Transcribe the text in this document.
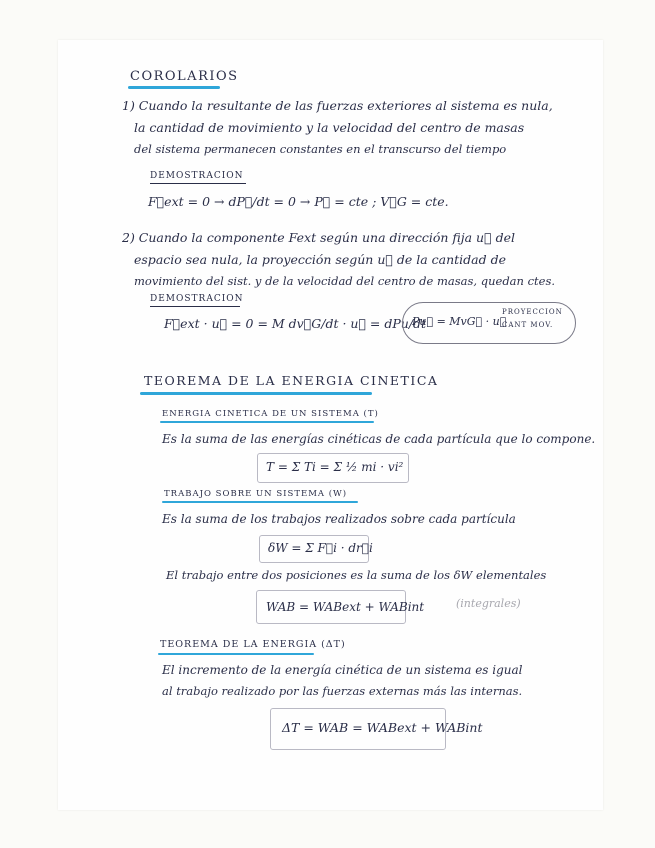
COROLARIOS
1) Cuando la resultante de las fuerzas exteriores al sistema es nula,
la cantidad de movimiento y la velocidad del centro de masas
del sistema permanecen constantes en el transcurso del tiempo
DEMOSTRACION
F⃗ext = 0 → dP⃗/dt = 0 → P⃗ = cte ; V⃗G = cte.
2) Cuando la componente Fext según una dirección fija u⃗ del
espacio sea nula, la proyección según u⃗ de la cantidad de
movimiento del sist. y de la velocidad del centro de masas, quedan ctes.
DEMOSTRACION
F⃗ext · u⃗ = 0 = M dv⃗G/dt · u⃗ = dPu/dt
Pu⃗ = MvG⃗ · u⃗
PROYECCION
CANT MOV.
TEOREMA DE LA ENERGIA CINETICA
ENERGIA CINETICA DE UN SISTEMA (T)
Es la suma de las energías cinéticas de cada partícula que lo compone.
T = Σ Ti = Σ ½ mi · vi²
TRABAJO SOBRE UN SISTEMA (W)
Es la suma de los trabajos realizados sobre cada partícula
δW = Σ F⃗i · dr⃗i
El trabajo entre dos posiciones es la suma de los δW elementales
WAB = WABext + WABint	(integrales)
TEOREMA DE LA ENERGIA (ΔT)
El incremento de la energía cinética de un sistema es igual
al trabajo realizado por las fuerzas externas más las internas.
ΔT = WAB = WABext + WABint
